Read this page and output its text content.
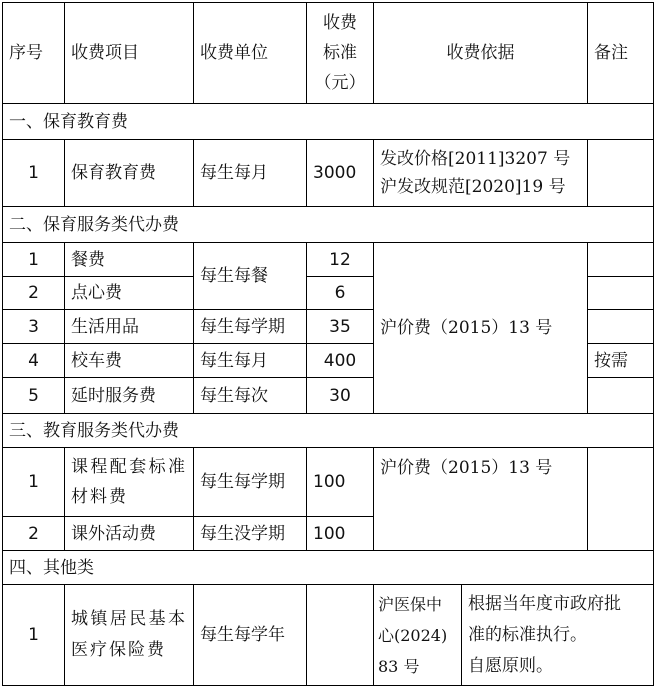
序号	收费项目	收费单位	收费
标准
（元）	收费依据		备注
一、保育教育费						
1	保育教育费	每生每月	3000	发改价格[2011]3207 号
沪发改规范[2020]19 号		
二、保育服务类代办费						
1	餐费	每生每餐	12	沪价费（2015）13 号		
2	点心费		6			
3	生活用品	每生每学期	35			
4	校车费	每生每月	400			按需
5	延时服务费	每生每次	30			
三、教育服务类代办费						
1	课程配套标准材料费	每生每学期	100	沪价费（2015）13 号		
2	课外活动费	每生没学期	100			
四、其他类						
1	城镇居民基本医疗保险费	每生每学年		沪医保中
心(2024)
83 号	根据当年度市政府批
准的标准执行。
自愿原则。	
